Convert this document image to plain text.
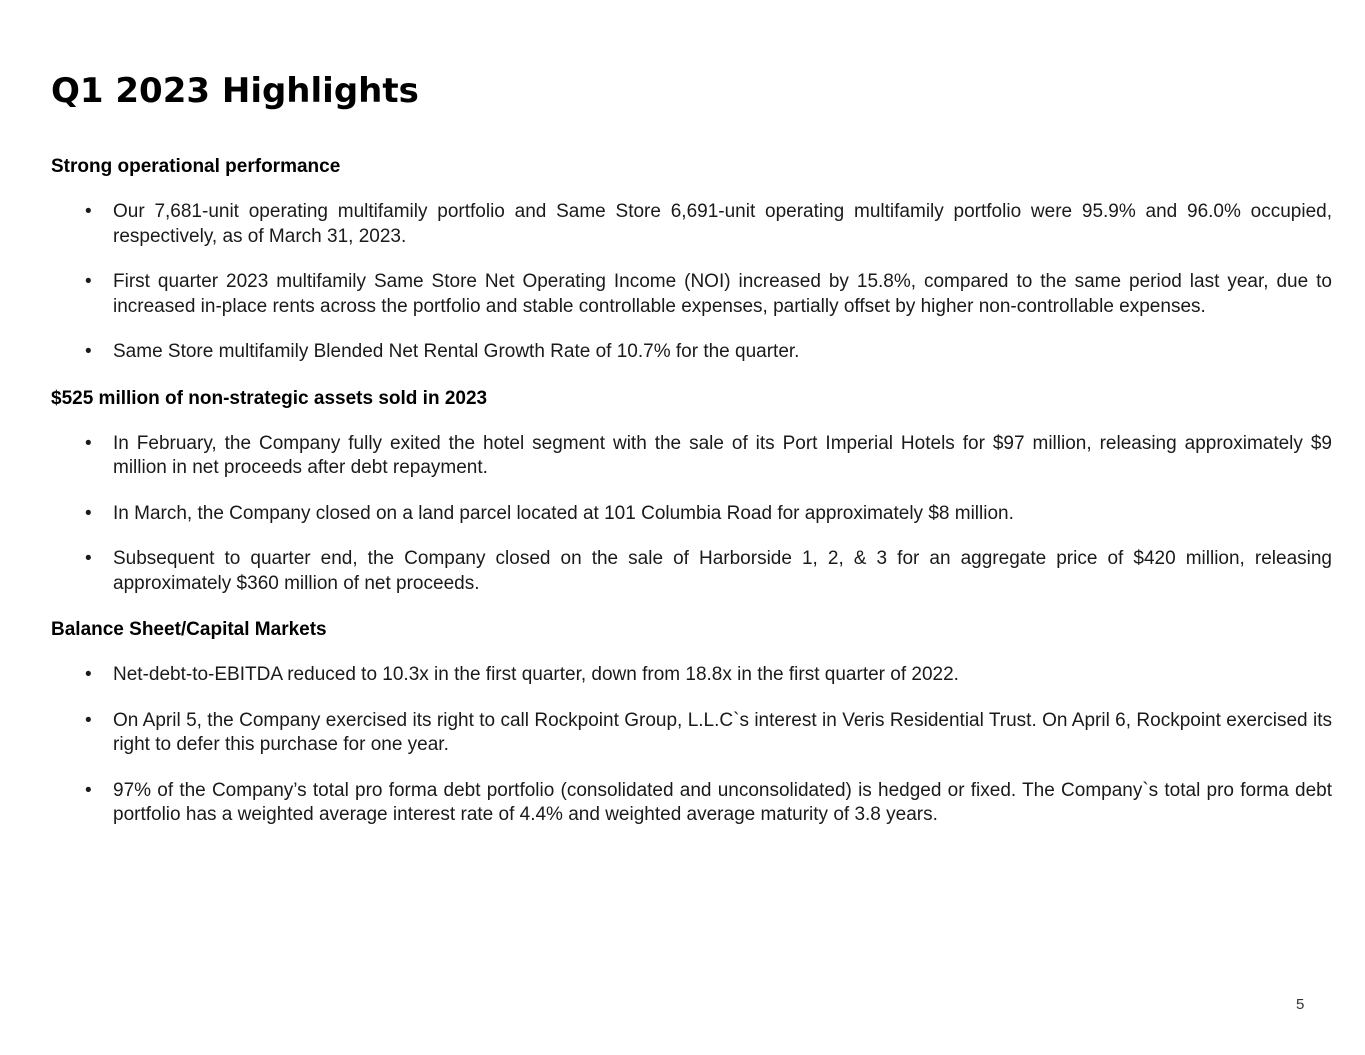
Q1 2023 Highlights
Strong operational performance
• Our 7,681-unit operating multifamily portfolio and Same Store 6,691-unit operating multifamily portfolio were 95.9% and 96.0% occupied, respectively, as of March 31, 2023.
• First quarter 2023 multifamily Same Store Net Operating Income (NOI) increased by 15.8%, compared to the same period last year, due to increased in-place rents across the portfolio and stable controllable expenses, partially offset by higher non-controllable expenses.
• Same Store multifamily Blended Net Rental Growth Rate of 10.7% for the quarter.
$525 million of non-strategic assets sold in 2023
• In February, the Company fully exited the hotel segment with the sale of its Port Imperial Hotels for $97 million, releasing approximately $9 million in net proceeds after debt repayment.
• In March, the Company closed on a land parcel located at 101 Columbia Road for approximately $8 million.
• Subsequent to quarter end, the Company closed on the sale of Harborside 1, 2, & 3 for an aggregate price of $420 million, releasing approximately $360 million of net proceeds.
Balance Sheet/Capital Markets
• Net-debt-to-EBITDA reduced to 10.3x in the first quarter, down from 18.8x in the first quarter of 2022.
• On April 5, the Company exercised its right to call Rockpoint Group, L.L.C`s interest in Veris Residential Trust. On April 6, Rockpoint exercised its right to defer this purchase for one year.
• 97% of the Company’s total pro forma debt portfolio (consolidated and unconsolidated) is hedged or fixed. The Company`s total pro forma debt portfolio has a weighted average interest rate of 4.4% and weighted average maturity of 3.8 years.
5
